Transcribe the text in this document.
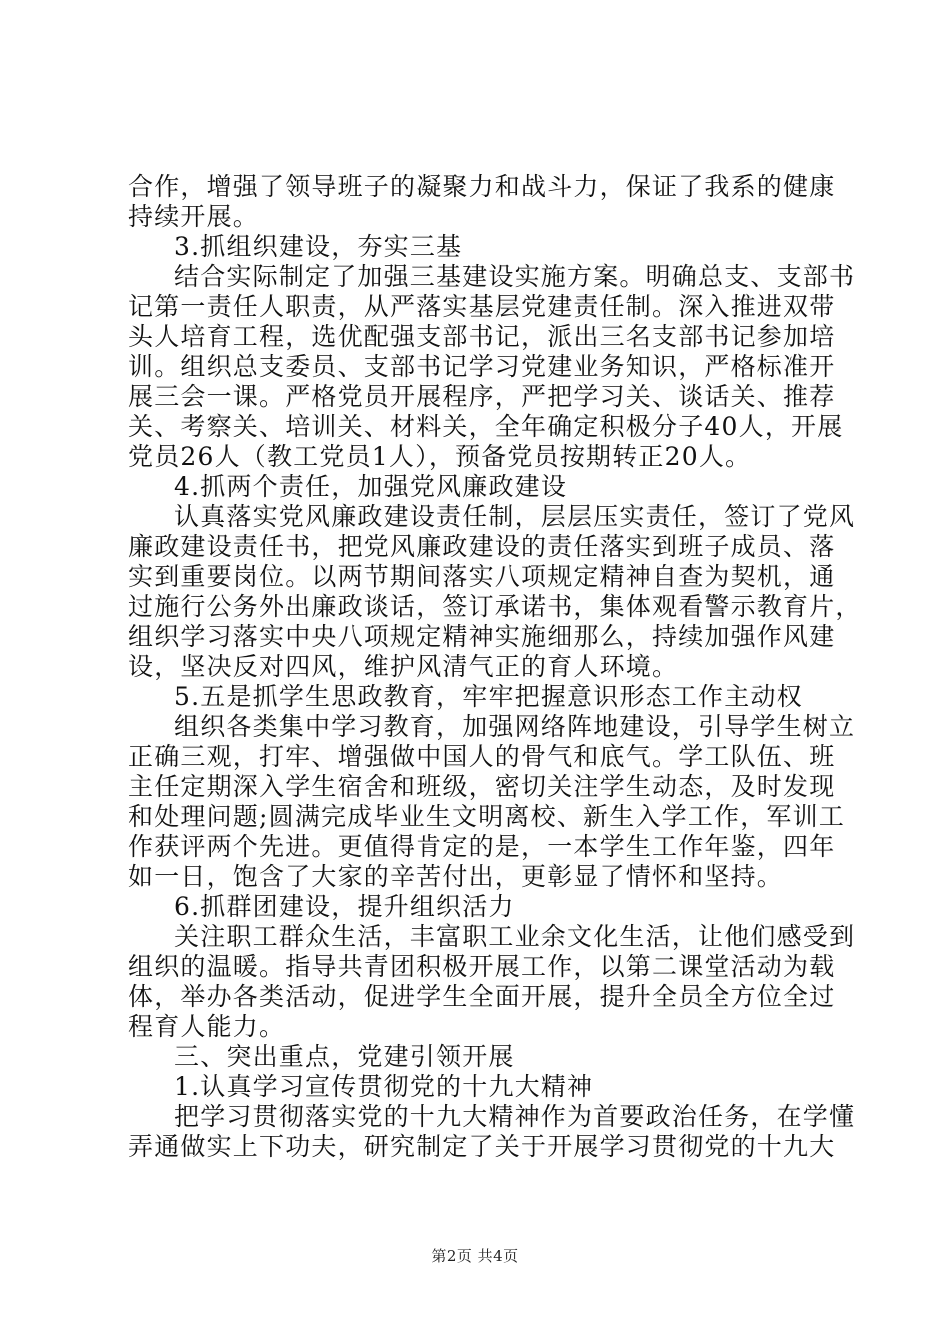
合作，增强了领导班子的凝聚力和战斗力，保证了我系的健康
持续开展。
3.抓组织建设，夯实三基
结合实际制定了加强三基建设实施方案。明确总支、支部书
记第一责任人职责，从严落实基层党建责任制。深入推进双带
头人培育工程，选优配强支部书记，派出三名支部书记参加培
训。组织总支委员、支部书记学习党建业务知识，严格标准开
展三会一课。严格党员开展程序，严把学习关、谈话关、推荐
关、考察关、培训关、材料关，全年确定积极分子40人，开展
党员26人（教工党员1人），预备党员按期转正20人。
4.抓两个责任，加强党风廉政建设
认真落实党风廉政建设责任制，层层压实责任，签订了党风
廉政建设责任书，把党风廉政建设的责任落实到班子成员、落
实到重要岗位。以两节期间落实八项规定精神自查为契机，通
过施行公务外出廉政谈话，签订承诺书，集体观看警示教育片，
组织学习落实中央八项规定精神实施细那么，持续加强作风建
设，坚决反对四风，维护风清气正的育人环境。
5.五是抓学生思政教育，牢牢把握意识形态工作主动权
组织各类集中学习教育，加强网络阵地建设，引导学生树立
正确三观，打牢、增强做中国人的骨气和底气。学工队伍、班
主任定期深入学生宿舍和班级，密切关注学生动态，及时发现
和处理问题;圆满完成毕业生文明离校、新生入学工作，军训工
作获评两个先进。更值得肯定的是，一本学生工作年鉴，四年
如一日，饱含了大家的辛苦付出，更彰显了情怀和坚持。
6.抓群团建设，提升组织活力
关注职工群众生活，丰富职工业余文化生活，让他们感受到
组织的温暖。指导共青团积极开展工作，以第二课堂活动为载
体，举办各类活动，促进学生全面开展，提升全员全方位全过
程育人能力。
三、突出重点，党建引领开展
1.认真学习宣传贯彻党的十九大精神
把学习贯彻落实党的十九大精神作为首要政治任务，在学懂
弄通做实上下功夫，研究制定了关于开展学习贯彻党的十九大
第2页 共4页
